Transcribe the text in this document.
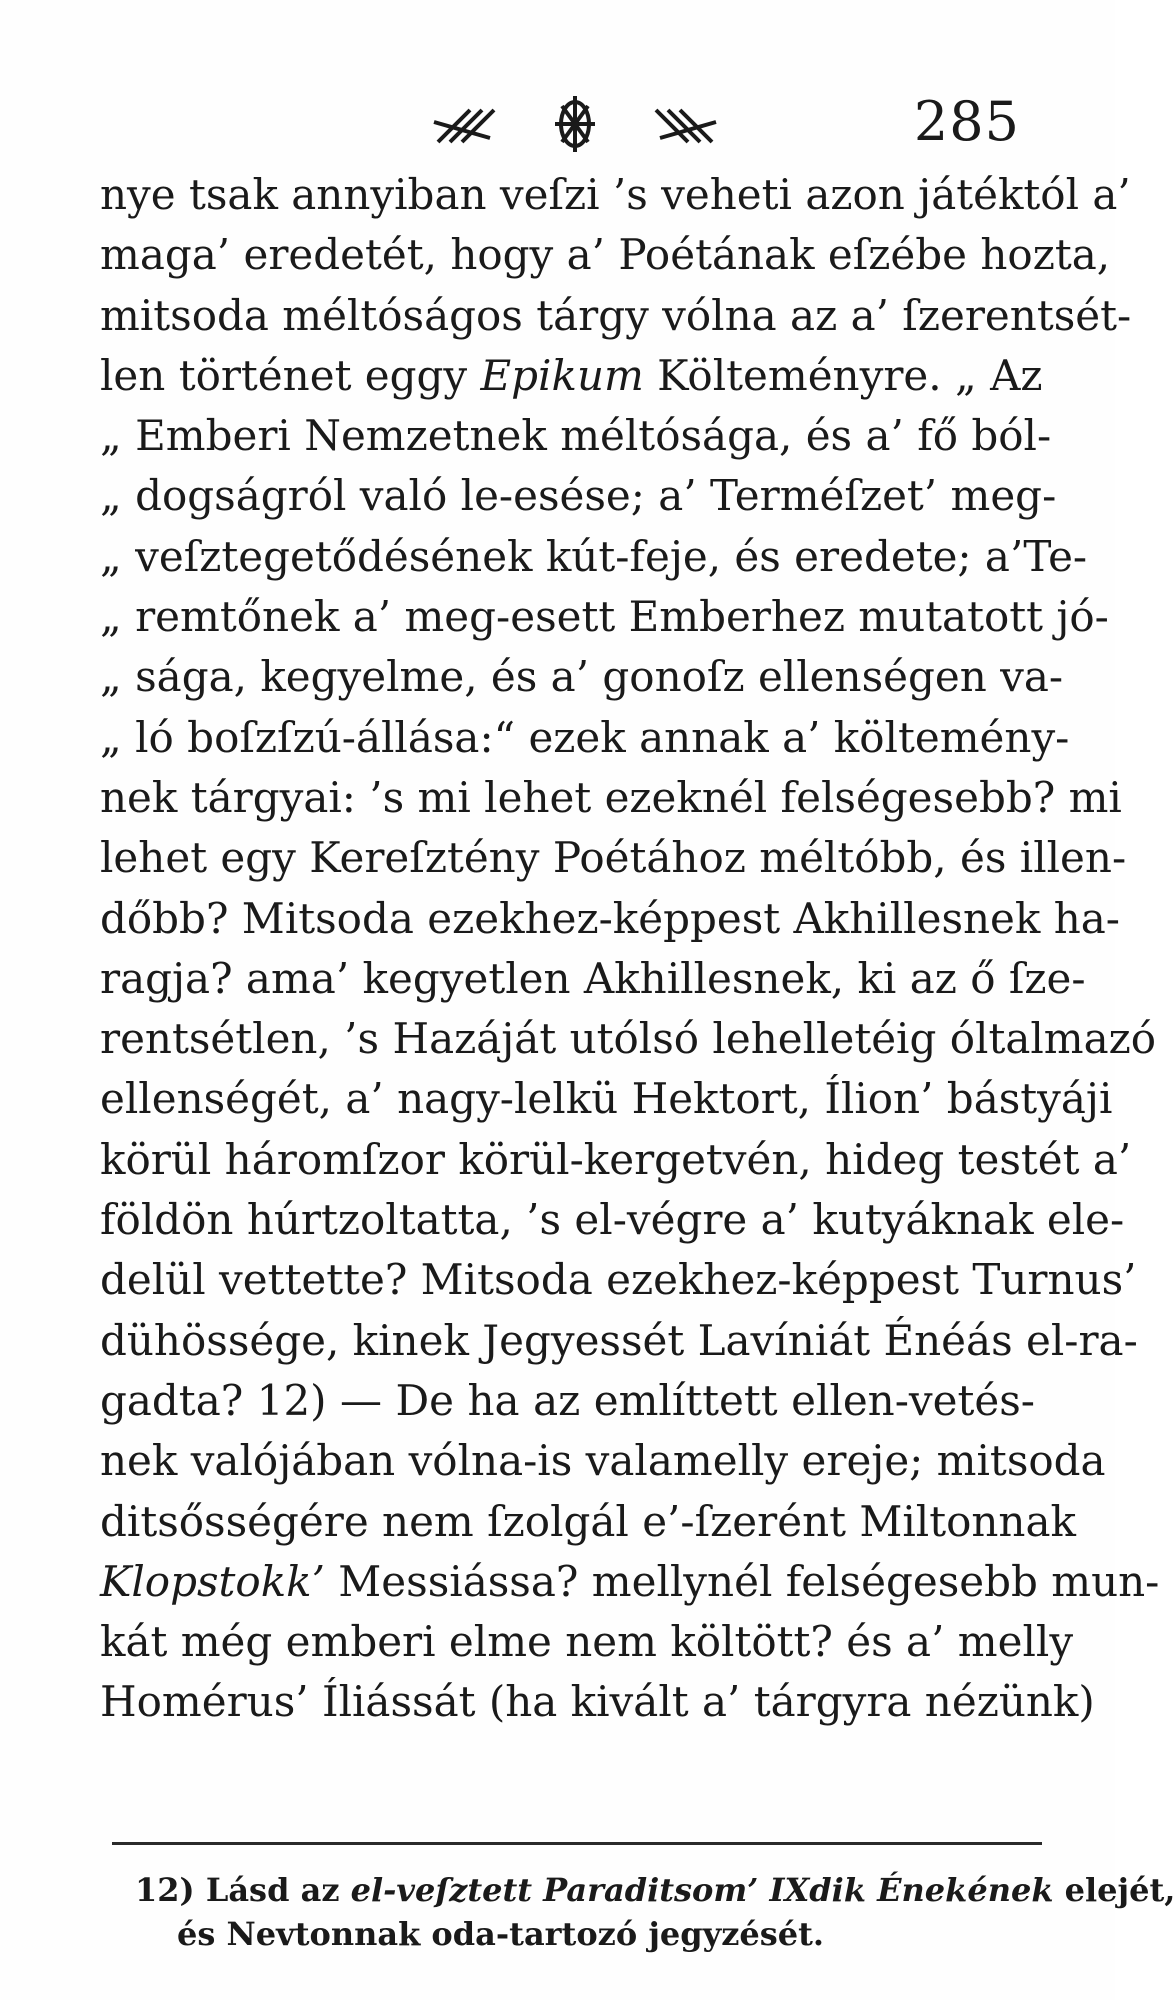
285
nye tsak annyiban veſzi ’s veheti azon játéktól a’
maga’ eredetét, hogy a’ Poétának eſzébe hozta,
mitsoda méltóságos tárgy vólna az a’ ſzerentsét-
len történet eggy Epikum Költeményre. „ Az
„ Emberi Nemzetnek méltósága, és a’ fő ból-
„ dogságról való le-esése; a’ Terméſzet’ meg-
„ veſztegetődésének kút-feje, és eredete; a’Te-
„ remtőnek a’ meg-esett Emberhez mutatott jó-
„ sága, kegyelme, és a’ gonoſz ellenségen va-
„ ló boſzſzú-állása:“ ezek annak a’ költemény-
nek tárgyai: ’s mi lehet ezeknél felségesebb? mi
lehet egy Kereſztény Poétához méltóbb, és illen-
dőbb? Mitsoda ezekhez-képpest Akhillesnek ha-
ragja? ama’ kegyetlen Akhillesnek, ki az ő ſze-
rentsétlen, ’s Hazáját utólsó lehelletéig óltalmazó
ellenségét, a’ nagy-lelkü Hektort, Ílion’ bástyáji
körül háromſzor körül-kergetvén, hideg testét a’
földön húrtzoltatta, ’s el-végre a’ kutyáknak ele-
delül vettette? Mitsoda ezekhez-képpest Turnus’
dühössége, kinek Jegyessét Lavíniát Énéás el-ra-
gadta? 12) — De ha az említtett ellen-vetés-
nek valójában vólna-is valamelly ereje; mitsoda
ditsősségére nem ſzolgál e’-ſzerént Miltonnak
Klopstokk’ Messiássa? mellynél felségesebb mun-
kát még emberi elme nem költött? és a’ melly
Homérus’ Íliássát (ha kivált a’ tárgyra nézünk)
12) Lásd az el-veſztett Paraditsom’ IXdik Énekének elejét,
és Nevtonnak oda-tartozó jegyzését.
